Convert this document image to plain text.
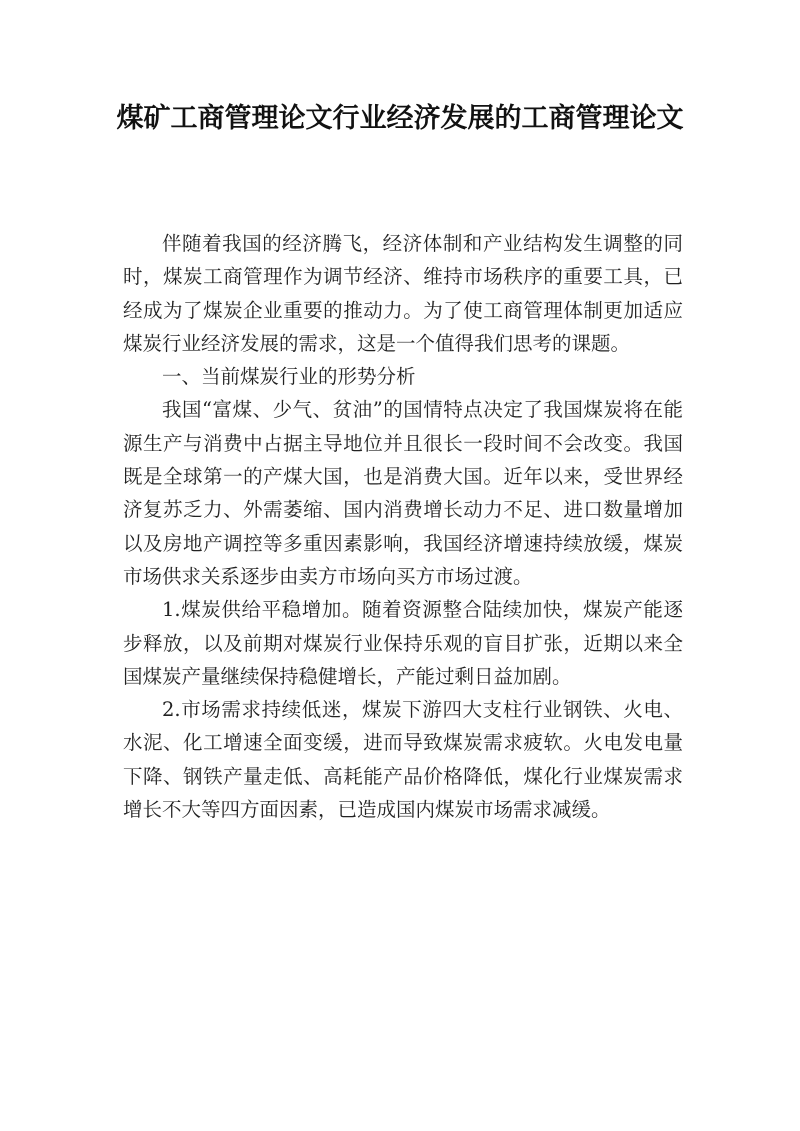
煤矿工商管理论文行业经济发展的工商管理论文

伴随着我国的经济腾飞，经济体制和产业结构发生调整的同时，煤炭工商管理作为调节经济、维持市场秩序的重要工具，已经成为了煤炭企业重要的推动力。为了使工商管理体制更加适应煤炭行业经济发展的需求，这是一个值得我们思考的课题。

一、当前煤炭行业的形势分析

我国“富煤、少气、贫油”的国情特点决定了我国煤炭将在能源生产与消费中占据主导地位并且很长一段时间不会改变。我国既是全球第一的产煤大国，也是消费大国。近年以来，受世界经济复苏乏力、外需萎缩、国内消费增长动力不足、进口数量增加以及房地产调控等多重因素影响，我国经济增速持续放缓，煤炭市场供求关系逐步由卖方市场向买方市场过渡。

1.煤炭供给平稳增加。随着资源整合陆续加快，煤炭产能逐步释放，以及前期对煤炭行业保持乐观的盲目扩张，近期以来全国煤炭产量继续保持稳健增长，产能过剩日益加剧。

2.市场需求持续低迷，煤炭下游四大支柱行业钢铁、火电、水泥、化工增速全面变缓，进而导致煤炭需求疲软。火电发电量下降、钢铁产量走低、高耗能产品价格降低，煤化行业煤炭需求增长不大等四方面因素，已造成国内煤炭市场需求减缓。
